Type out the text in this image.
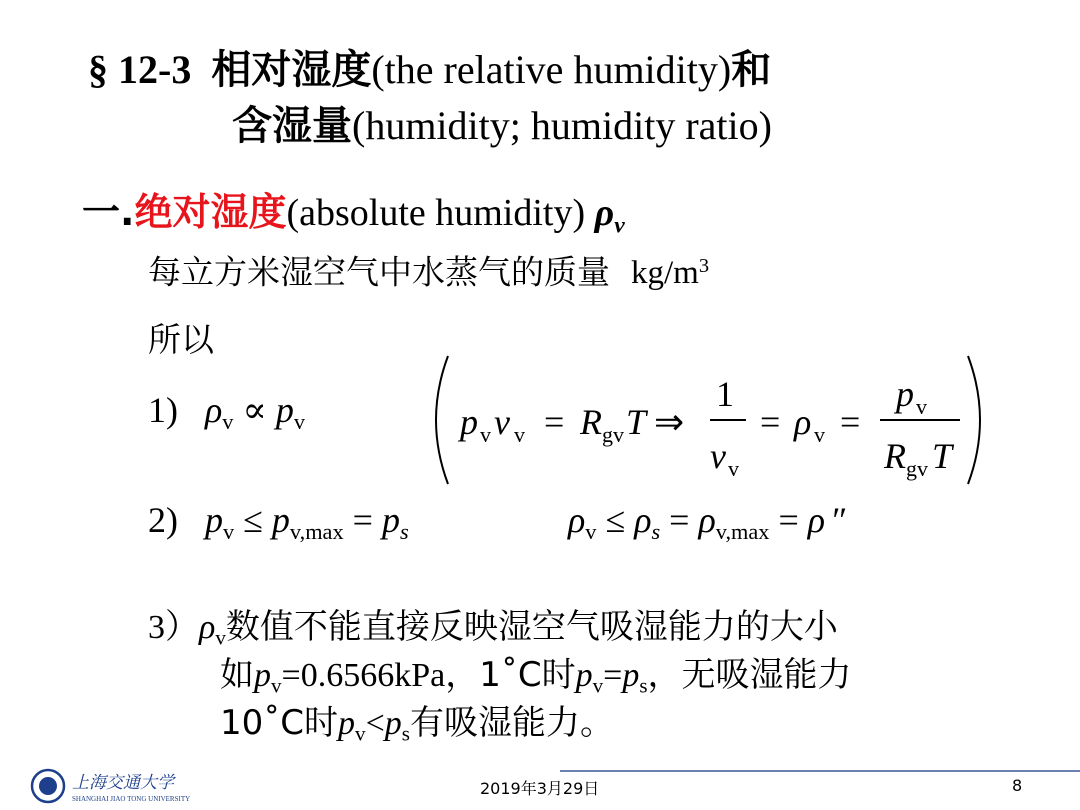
§ 12-3 相对湿度(the relative humidity)和
含湿量(humidity; humidity ratio)
一.绝对湿度(absolute humidity) $\rho_v$
每立方米湿空气中水蒸气的质量 $kg/m^3$
所以
1) $\rho_v \propto p_v$	p v v v = R gv T ⇒
1
v v
= ρ v =
p v
R gv T
2) $p_v \le p_{v,max} = p_s$	$\rho_v \le \rho_s = \rho_{v,max} = \rho$ ″
$3)\rho_v$数值不能直接反映湿空气吸湿能力的大小
如$p_v=0.6566kPa$，1˚C时$p_v=p_s$，无吸湿能力
10˚C时$p_v<p_s$有吸湿能力。
上海交通大学
SHANGHAI JIAO TONG UNIVERSITY
2019年3月29日	8
